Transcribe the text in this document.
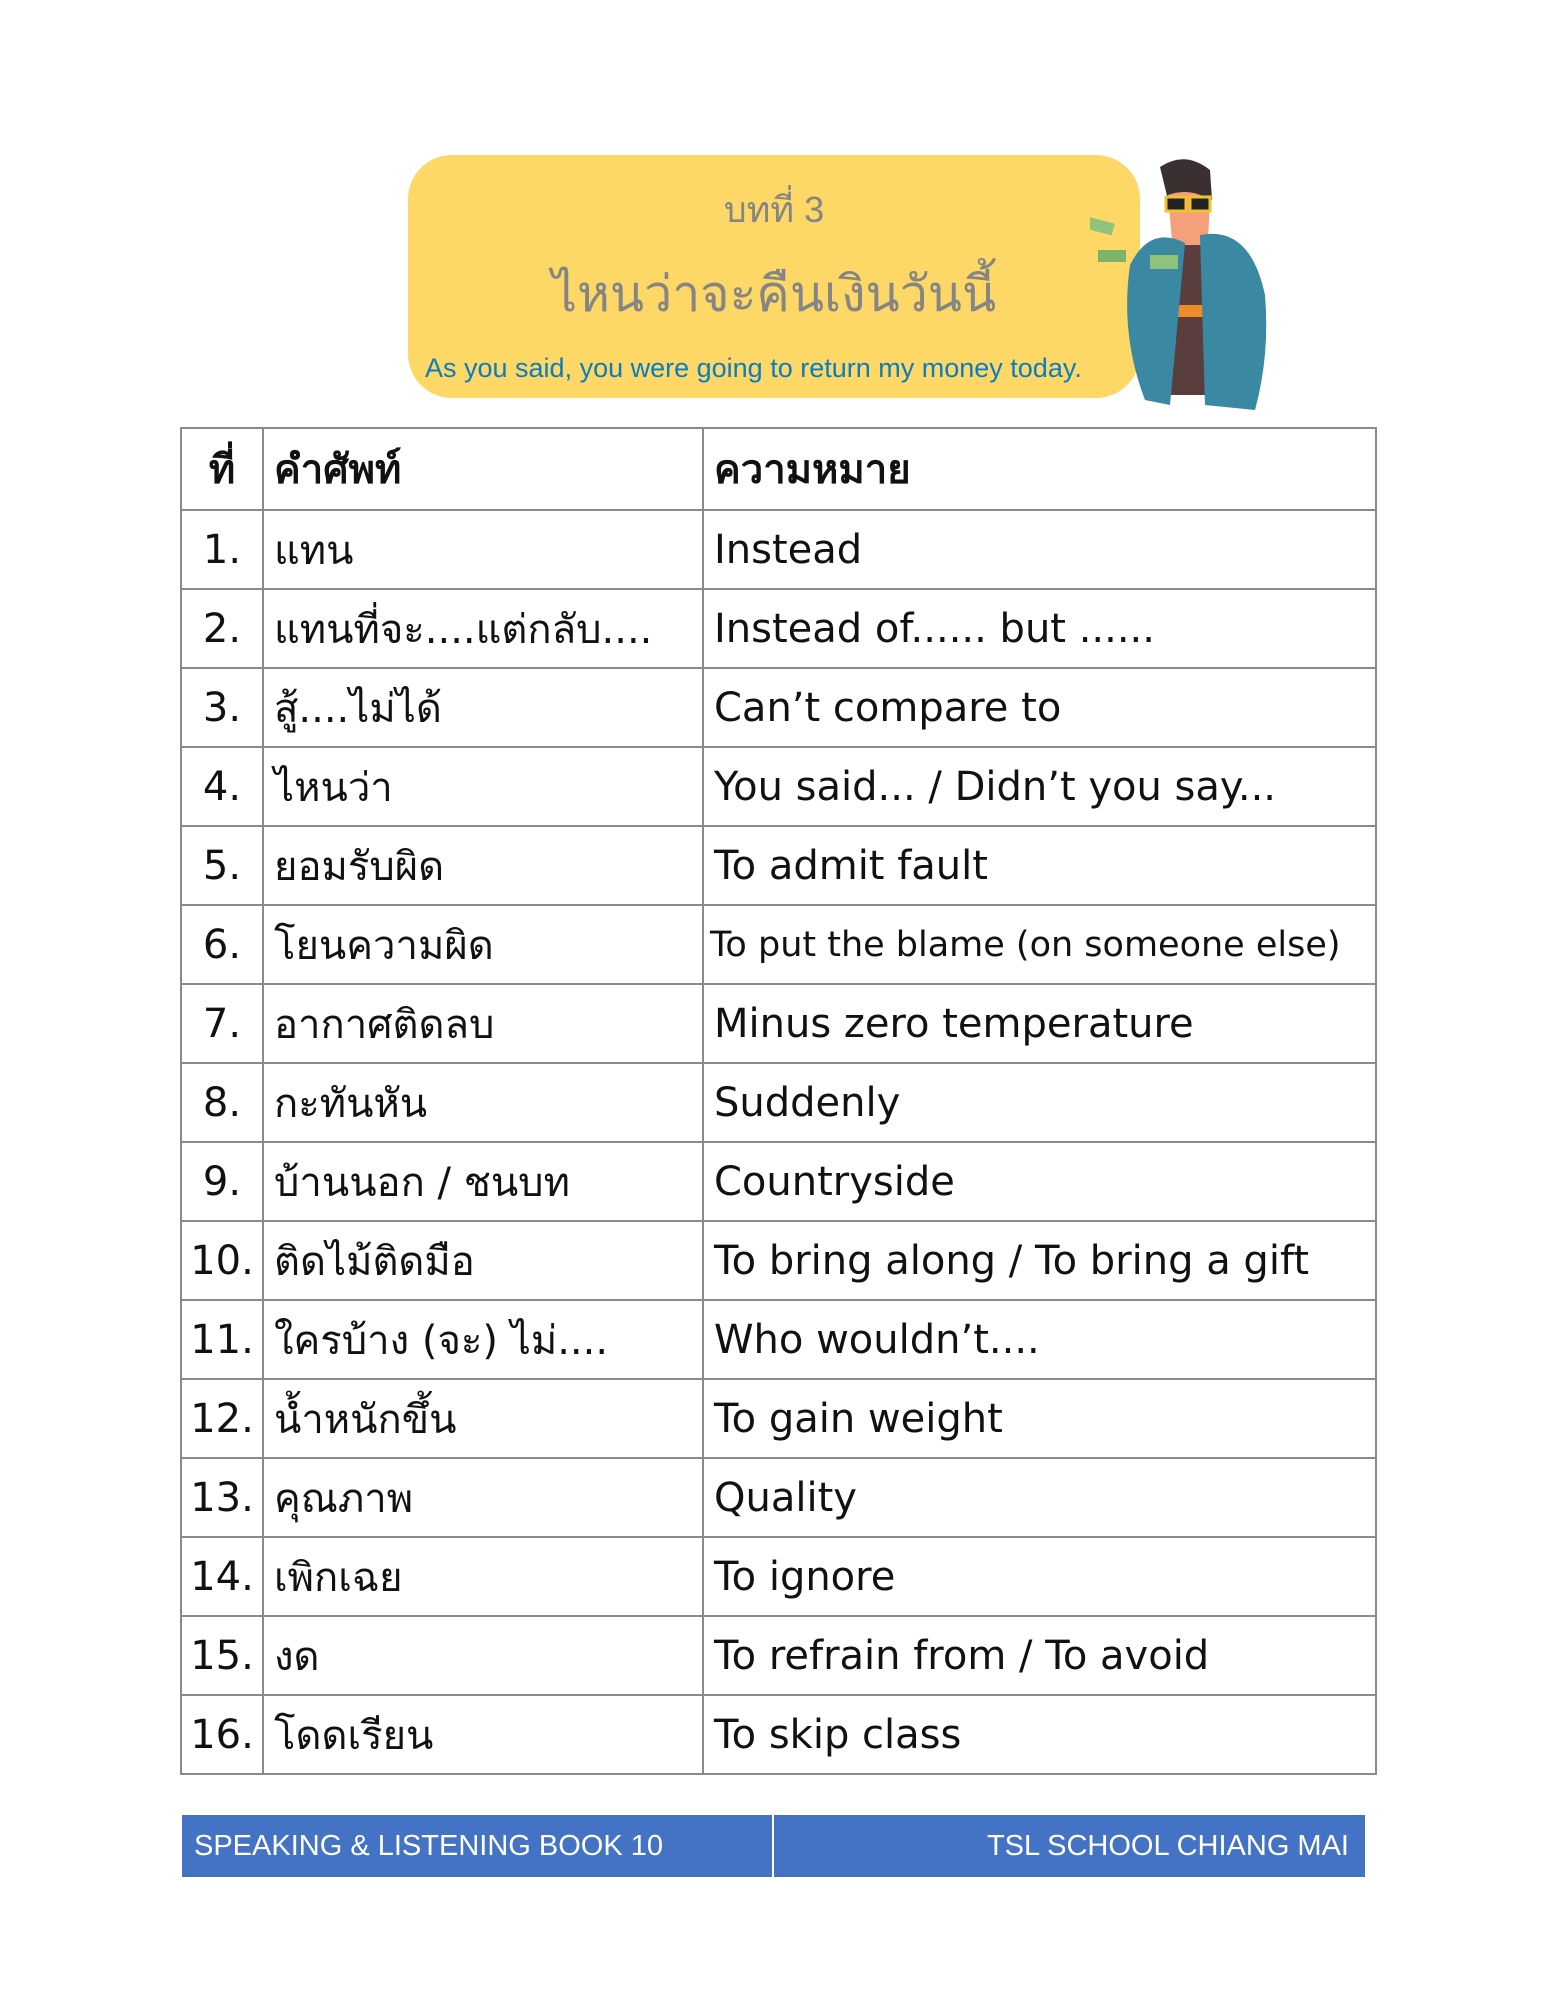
บทที่ 3
ไหนว่าจะคืนเงินวันนี้
As you said, you were going to return my money today.
ที่	คำศัพท์	ความหมาย
1.	แทน	Instead
2.	แทนที่จะ....แต่กลับ....	Instead of...... but ......
3.	สู้....ไม่ได้	Can’t compare to
4.	ไหนว่า	You said... / Didn’t you say...
5.	ยอมรับผิด	To admit fault
6.	โยนความผิด	To put the blame (on someone else)
7.	อากาศติดลบ	Minus zero temperature
8.	กะทันหัน	Suddenly
9.	บ้านนอก / ชนบท	Countryside
10.	ติดไม้ติดมือ	To bring along / To bring a gift
11.	ใครบ้าง (จะ) ไม่....	Who wouldn’t....
12.	น้ำหนักขึ้น	To gain weight
13.	คุณภาพ	Quality
14.	เพิกเฉย	To ignore
15.	งด	To refrain from / To avoid
16.	โดดเรียน	To skip class
SPEAKING & LISTENING BOOK 10	TSL SCHOOL CHIANG MAI
